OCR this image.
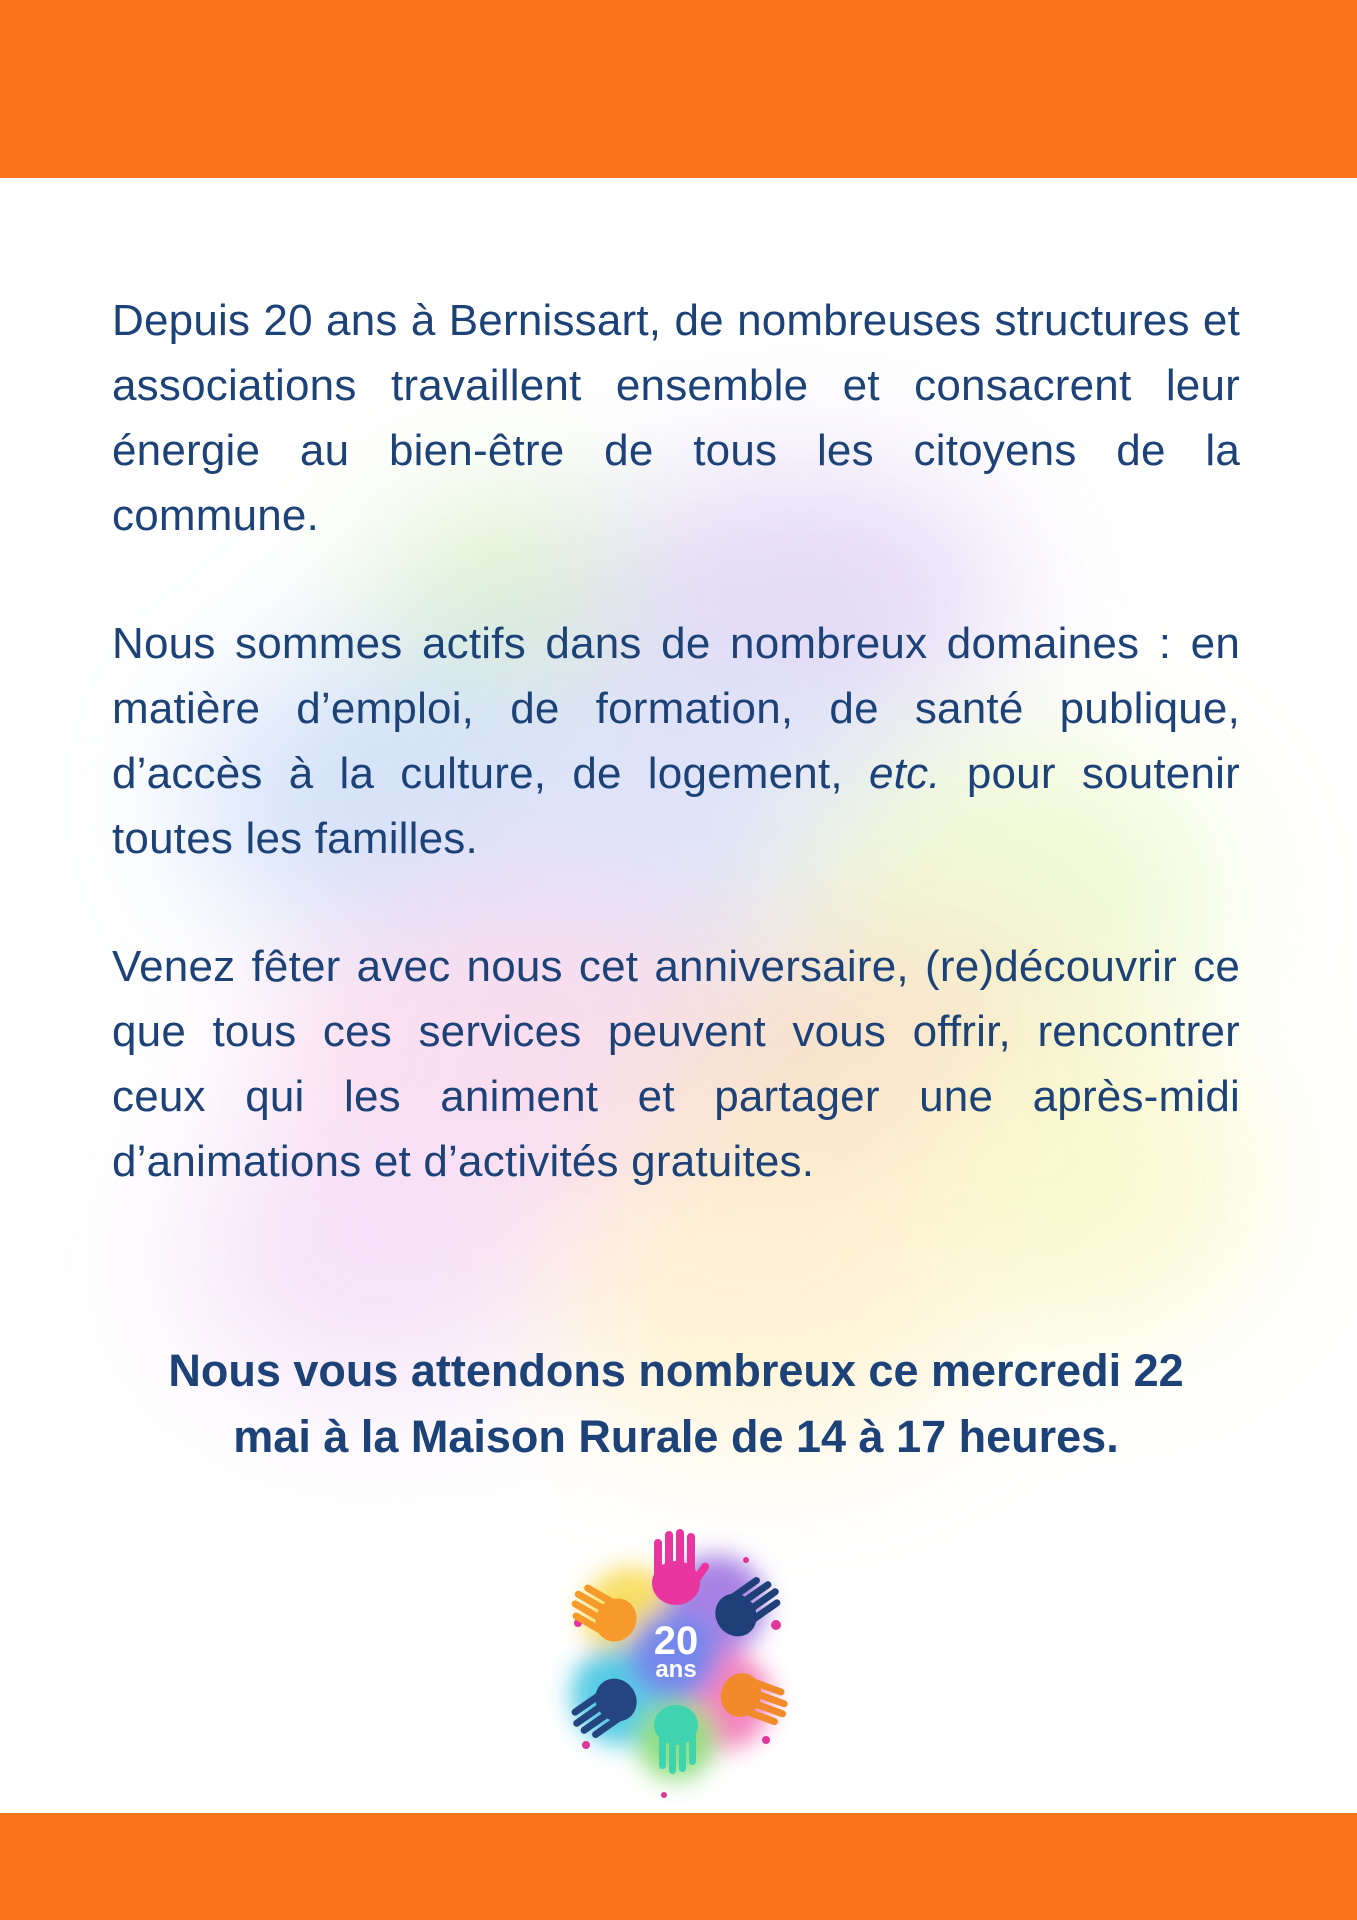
Depuis 20 ans à Bernissart, de nombreuses structures et associations travaillent ensemble et consacrent leur énergie au bien-être de tous les citoyens de la commune.

Nous sommes actifs dans de nombreux domaines : en matière d’emploi, de formation, de santé publique, d’accès à la culture, de logement, etc. pour soutenir toutes les familles.

Venez fêter avec nous cet anniversaire, (re)découvrir ce que tous ces services peuvent vous offrir, rencontrer ceux qui les animent et partager une après-midi d’animations et d’activités gratuites.

Nous vous attendons nombreux ce mercredi 22
mai à la Maison Rurale de 14 à 17 heures.
20
ans
